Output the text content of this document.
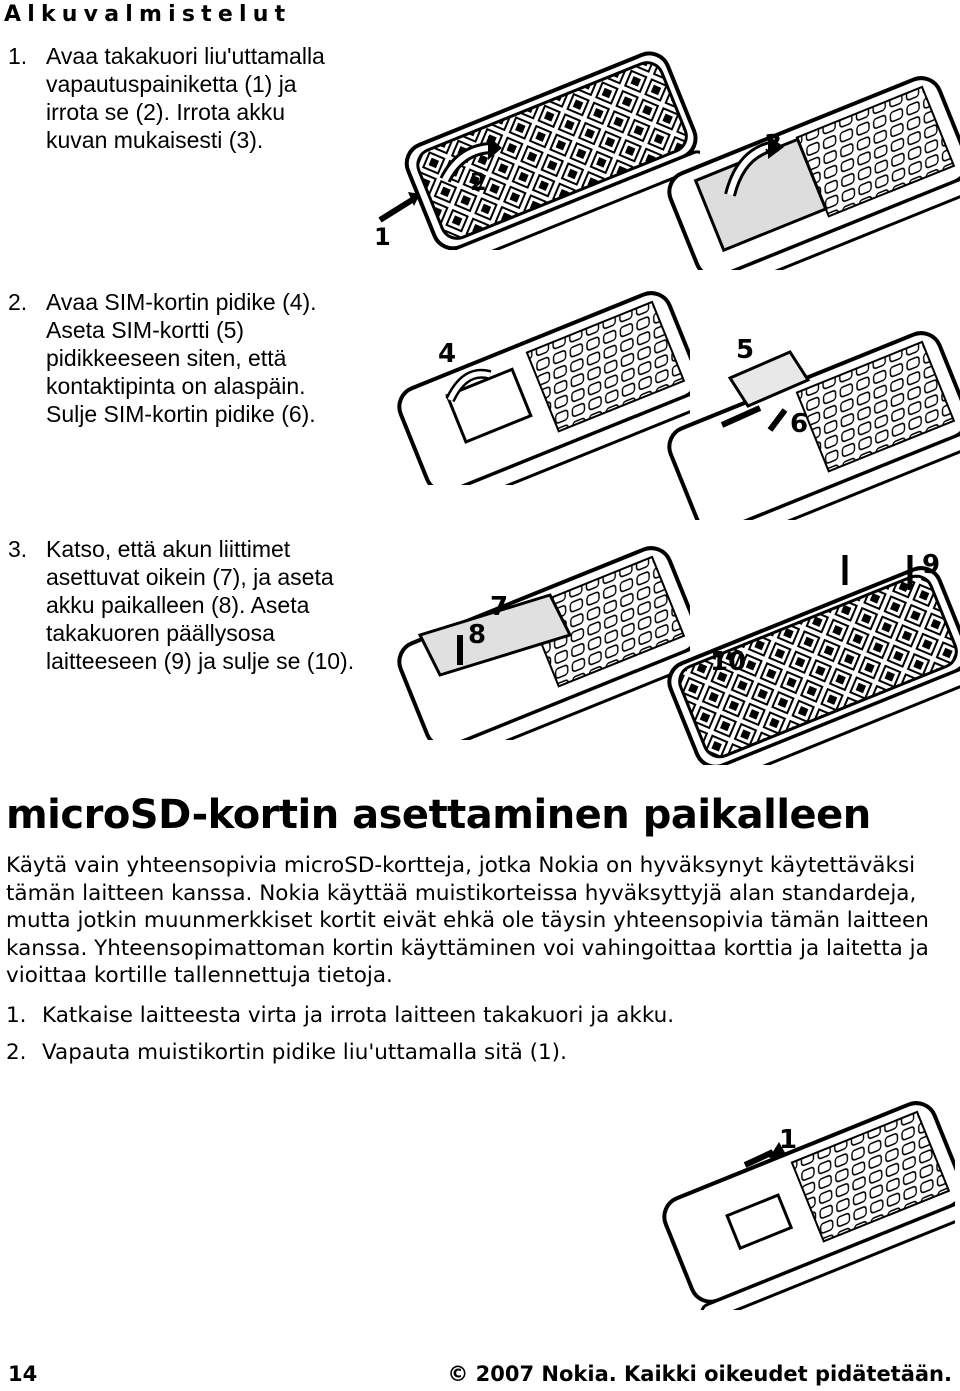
Alkuvalmistelut
1. Avaa takakuori liu'uttamalla
vapautuspainiketta (1) ja
irrota se (2). Irrota akku
kuvan mukaisesti (3).
2. Avaa SIM-kortin pidike (4).
Aseta SIM-kortti (5)
pidikkeeseen siten, että
kontaktipinta on alaspäin.
Sulje SIM-kortin pidike (6).
3. Katso, että akun liittimet
asettuvat oikein (7), ja aseta
akku paikalleen (8). Aseta
takakuoren päällysosa
laitteeseen (9) ja sulje se (10).
1
2
3
4	5
6
7
8
9
10
microSD-kortin asettaminen paikalleen
Käytä vain yhteensopivia microSD-kortteja, jotka Nokia on hyväksynyt käytettäväksi
tämän laitteen kanssa. Nokia käyttää muistikorteissa hyväksyttyjä alan standardeja,
mutta jotkin muunmerkkiset kortit eivät ehkä ole täysin yhteensopivia tämän laitteen
kanssa. Yhteensopimattoman kortin käyttäminen voi vahingoittaa korttia ja laitetta ja
vioittaa kortille tallennettuja tietoja.
1. Katkaise laitteesta virta ja irrota laitteen takakuori ja akku.
2. Vapauta muistikortin pidike liu'uttamalla sitä (1).
1
14	© 2007 Nokia. Kaikki oikeudet pidätetään.
